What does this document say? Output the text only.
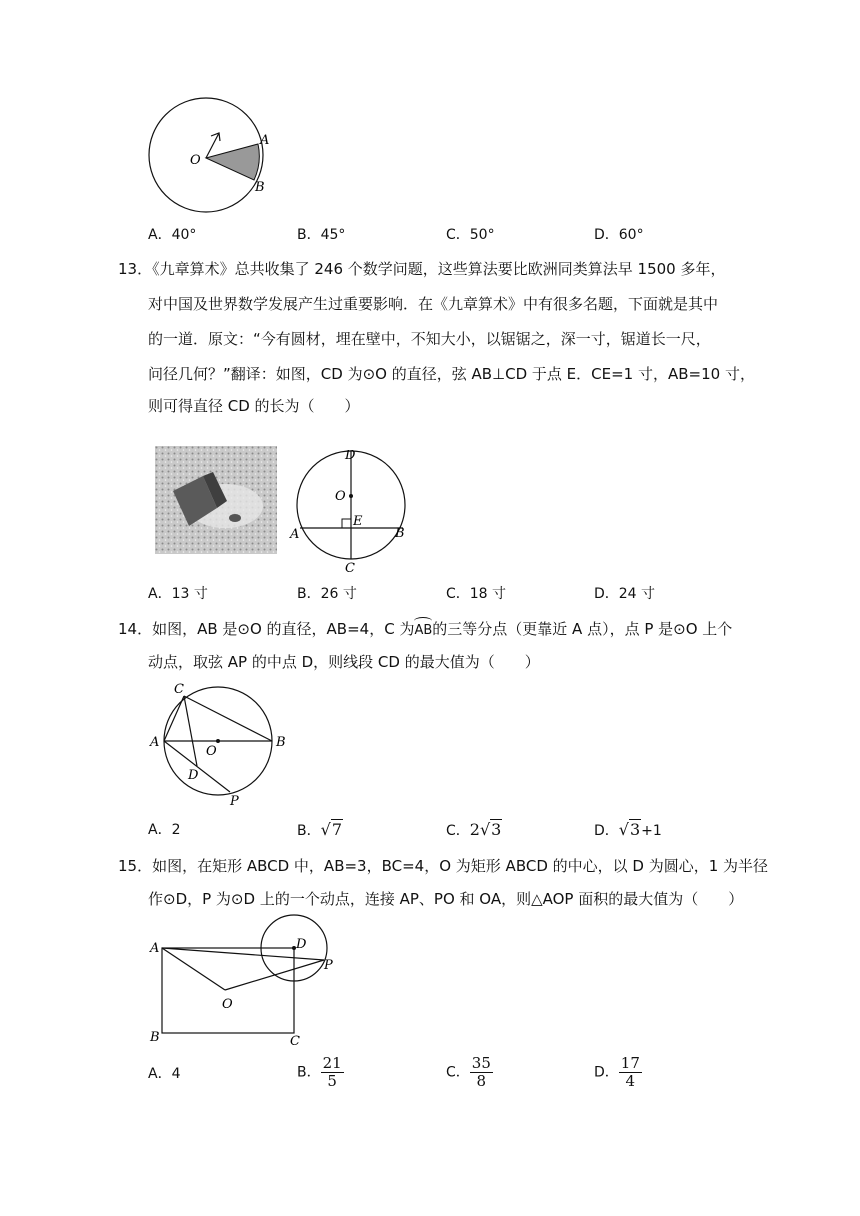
O
A
B
A．40°	B．45°	C．50°	D．60°
13．《九章算术》总共收集了 246 个数学问题，这些算法要比欧洲同类算法早 1500 多年，
对中国及世界数学发展产生过重要影响．在《九章算术》中有很多名题，下面就是其中
的一道．原文：“今有圆材，埋在壁中，不知大小，以锯锯之，深一寸，锯道长一尺，
问径几何？”翻译：如图，CD 为⊙O 的直径，弦 AB⊥CD 于点 E．CE=1 寸，AB=10 寸，
则可得直径 CD 的长为（　　）
D
O
E
A	B
C
A．13 寸	B．26 寸	C．18 寸	D．24 寸
14．如图，AB 是⊙O 的直径，AB=4，C 为AB的三等分点（更靠近 A 点），点 P 是⊙O 上个
动点，取弦 AP 的中点 D，则线段 CD 的最大值为（　　）
C
A
O
B
D
P
A．2	B．√7	C．2√3	D．√3+1
15．如图，在矩形 ABCD 中，AB=3，BC=4，O 为矩形 ABCD 的中心，以 D 为圆心，1 为半径
作⊙D，P 为⊙D 上的一个动点，连接 AP、PO 和 OA，则△AOP 面积的最大值为（　　）
A	D
P
O
B	C
A．4	B． $\frac{21}{5}$	C． $\frac{35}{8}$	D． $\frac{17}{4}$
